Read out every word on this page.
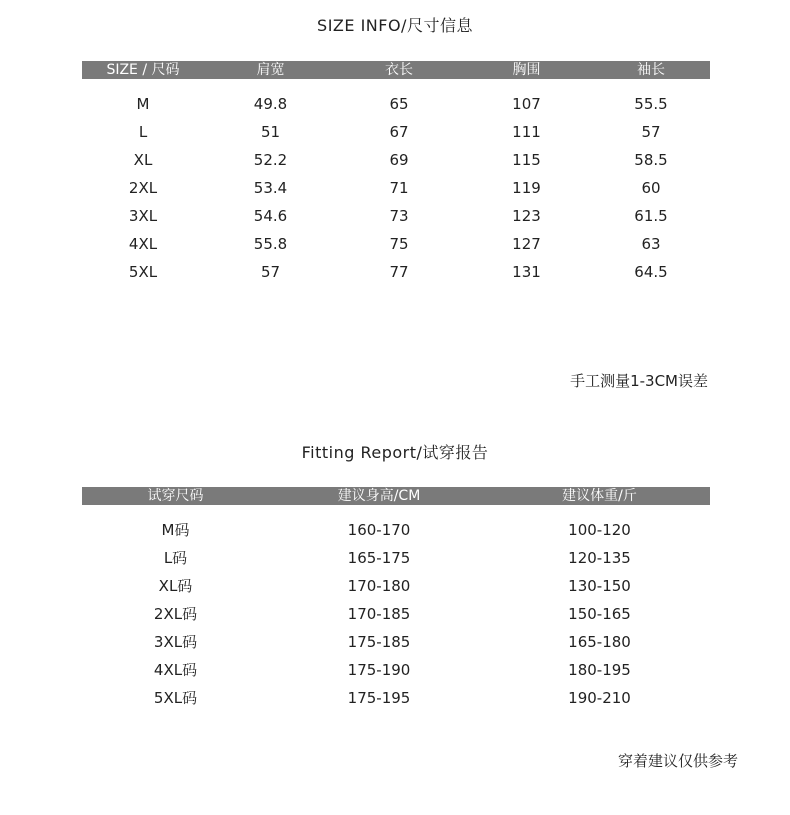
SIZE INFO/尺寸信息
SIZE / 尺码	肩宽	衣长	胸围	袖长
M	49.8	65	107	55.5
L	51	67	111	57
XL	52.2	69	115	58.5
2XL	53.4	71	119	60
3XL	54.6	73	123	61.5
4XL	55.8	75	127	63
5XL	57	77	131	64.5
手工测量1-3CM误差
Fitting Report/试穿报告
试穿尺码	建议身高/CM	建议体重/斤
M码	160-170	100-120
L码	165-175	120-135
XL码	170-180	130-150
2XL码	170-185	150-165
3XL码	175-185	165-180
4XL码	175-190	180-195
5XL码	175-195	190-210
穿着建议仅供参考
